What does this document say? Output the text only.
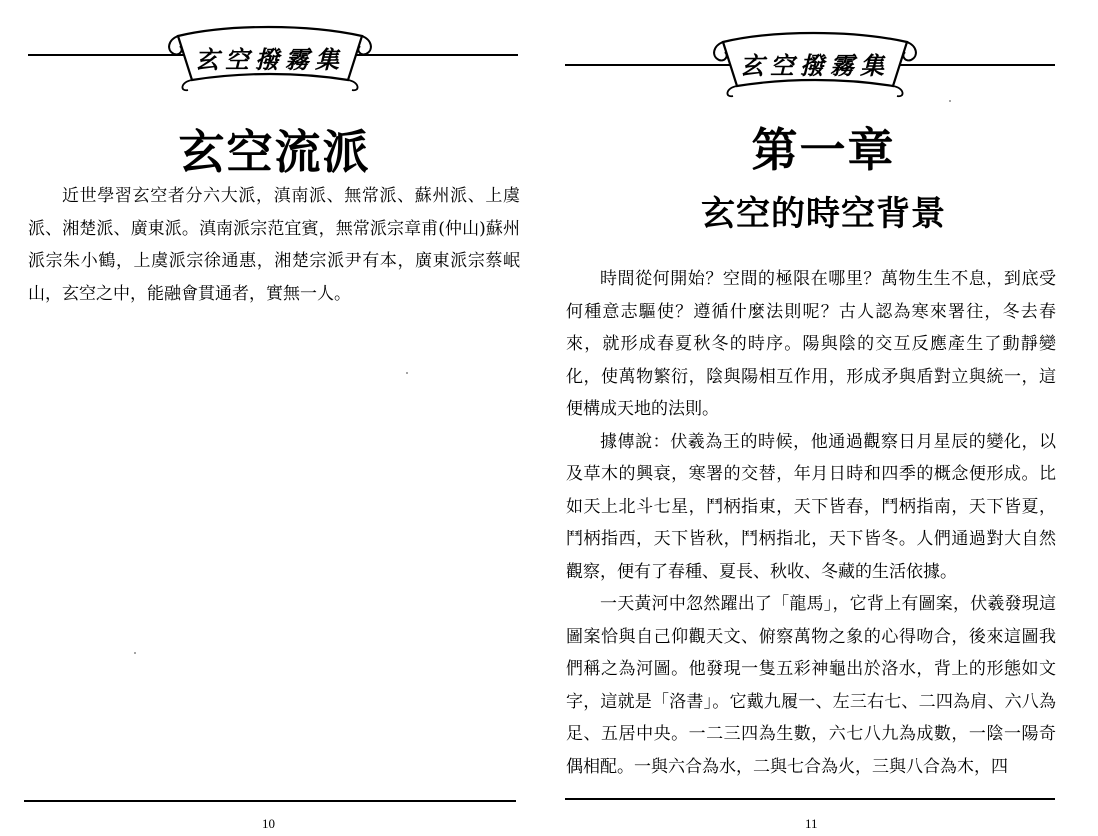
玄空撥霧集
玄空流派

近世學習玄空者分六大派，滇南派、無常派、蘇州派、上虞派、湘楚派、廣東派。滇南派宗范宜賓，無常派宗章甫(仲山)蘇州派宗朱小鶴，上虞派宗徐通惠，湘楚宗派尹有本，廣東派宗蔡岷山，玄空之中，能融會貫通者，實無一人。

10
玄空撥霧集
第一章
玄空的時空背景

時間從何開始？空間的極限在哪里？萬物生生不息，到底受何種意志驅使？遵循什麼法則呢？古人認為寒來署往，冬去春來，就形成春夏秋冬的時序。陽與陰的交互反應產生了動靜變化，使萬物繁衍，陰與陽相互作用，形成矛與盾對立與統一，這便構成天地的法則。

據傳說：伏羲為王的時候，他通過觀察日月星辰的變化，以及草木的興衰，寒署的交替，年月日時和四季的概念便形成。比如天上北斗七星，鬥柄指東，天下皆春，鬥柄指南，天下皆夏，鬥柄指西，天下皆秋，鬥柄指北，天下皆冬。人們通過對大自然觀察，便有了春種、夏長、秋收、冬藏的生活依據。

一天黃河中忽然躍出了「龍馬」，它背上有圖案，伏羲發現這圖案恰與自己仰觀天文、俯察萬物之象的心得吻合，後來這圖我們稱之為河圖。他發現一隻五彩神龜出於洛水，背上的形態如文字，這就是「洛書」。它戴九履一、左三右七、二四為肩、六八為足、五居中央。一二三四為生數，六七八九為成數，一陰一陽奇偶相配。一與六合為水，二與七合為火，三與八合為木，四

11
